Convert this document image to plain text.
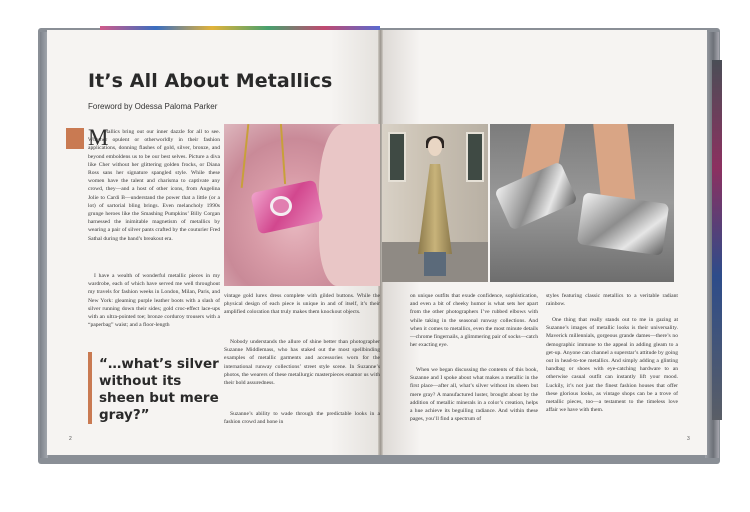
It’s All About Metallics
Foreword by Odessa Paloma Parker
M

etallics bring out our inner dazzle for all to see. Whether opulent or otherworldly in their fashion applications, donning flashes of gold, silver, bronze, and beyond emboldens us to be our best selves. Picture a diva like Cher without her glittering golden frocks, or Diana Ross sans her signature spangled style. While these women have the talent and charisma to captivate any crowd, they—and a host of other icons, from Angelina Jolie to Cardi B—understand the power that a little (or a lot) of sartorial bling brings. Even melancholy 1990s grunge heroes like the Smashing Pumpkins’ Billy Corgan harnessed the inimitable magnetism of metallics by wearing a pair of silver pants crafted by the couturier Fred Sathal during the band’s breakout era.

I have a wealth of wonderful metallic pieces in my wardrobe, each of which have served me well throughout my travels for fashion weeks in London, Milan, Paris, and New York: gleaming purple leather boots with a slash of silver running down their sides; gold croc-effect lace-ups with an ultra-pointed toe; bronze corduroy trousers with a “paperbag” waist; and a floor-length

“…what’s silver without its sheen but mere gray?”

vintage gold lurex dress complete with gilded buttons. While the physical design of each piece is unique in and of itself, it’s their amplified coloration that truly makes them knockout objects.

Nobody understands the allure of shine better than photographer Suzanne Middlemass, who has staked out the most spellbinding examples of metallic garments and accessories worn for the international runway collections’ street style scene. In Suzanne’s photos, the wearers of these metallurgic masterpieces enamor us with their bold assuredness.

Suzanne’s ability to wade through the predictable looks in a fashion crowd and hone in

on unique outfits that exude confidence, sophistication, and even a bit of cheeky humor is what sets her apart from the other photographers I’ve rubbed elbows with while taking in the seasonal runway collections. And when it comes to metallics, even the most minute details—chrome fingernails, a glimmering pair of socks—catch her exacting eye.

When we began discussing the contents of this book, Suzanne and I spoke about what makes a metallic in the first place—after all, what’s silver without its sheen but mere gray? A manufactured luster, brought about by the addition of metallic minerals in a color’s creation, helps a hue achieve its beguiling radiance. And within these pages, you’ll find a spectrum of

styles featuring classic metallics to a veritable radiant rainbow.

One thing that really stands out to me in gazing at Suzanne’s images of metallic looks is their universality. Maverick millennials, gorgeous grande dames—there’s no demographic immune to the appeal in adding gleam to a get-up. Anyone can channel a superstar’s attitude by going out in head-to-toe metallics. And simply adding a glinting handbag or shoes with eye-catching hardware to an otherwise casual outfit can instantly lift your mood. Luckily, it’s not just the finest fashion houses that offer these glorious looks, as vintage shops can be a trove of metallic pieces, too—a testament to the timeless love affair we have with them.

2	3
